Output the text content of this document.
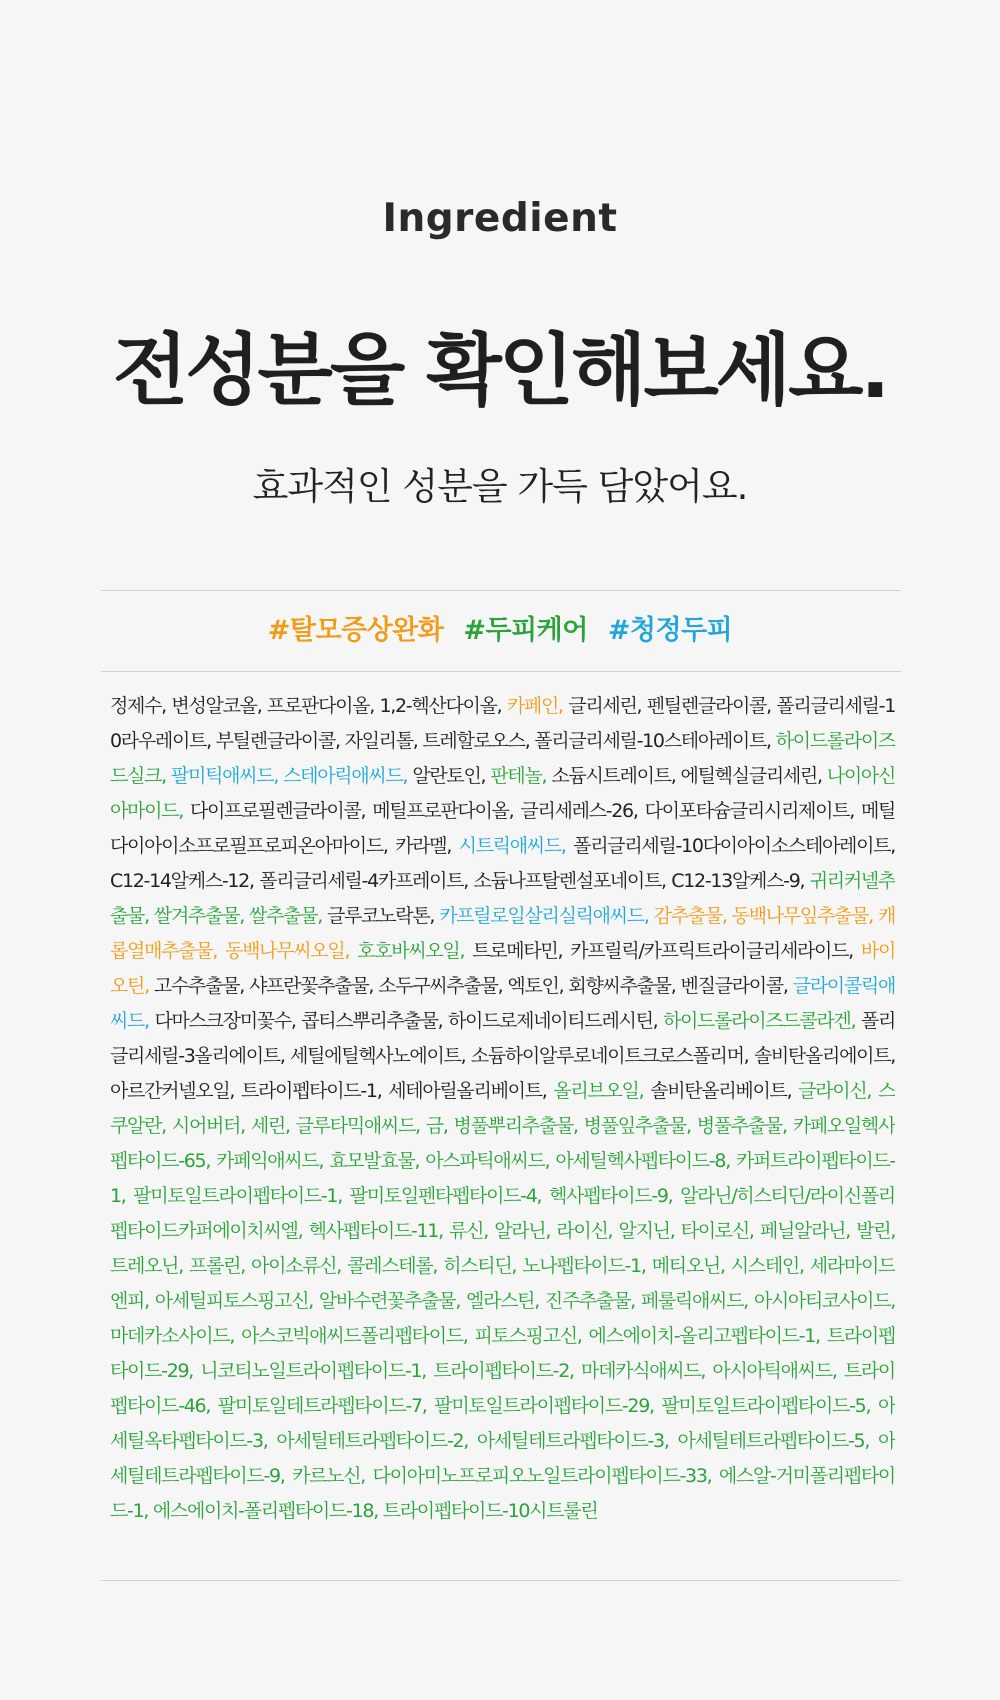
Ingredient
전성분을 확인해보세요.
효과적인 성분을 가득 담았어요.
#탈모증상완화 #두피케어 #청정두피
정제수, 변성알코올, 프로판다이올, 1,2-헥산다이올, 카페인, 글리세린, 펜틸렌글라이콜, 폴리글리세릴-10라우레이트, 부틸렌글라이콜, 자일리톨, 트레할로오스, 폴리글리세릴-10스테아레이트, 하이드롤라이즈드실크, 팔미틱애씨드, 스테아릭애씨드, 알란토인, 판테놀, 소듐시트레이트, 에틸헥실글리세린, 나이아신아마이드, 다이프로필렌글라이콜, 메틸프로판다이올, 글리세레스-26, 다이포타슘글리시리제이트, 메틸다이아이소프로필프로피온아마이드, 카라멜, 시트릭애씨드, 폴리글리세릴-10다이아이소스테아레이트, C12-14알케스-12, 폴리글리세릴-4카프레이트, 소듐나프탈렌설포네이트, C12-13알케스-9, 귀리커넬추출물, 쌀겨추출물, 쌀추출물, 글루코노락톤, 카프릴로일살리실릭애씨드, 감추출물, 동백나무잎추출물, 캐롭열매추출물, 동백나무씨오일, 호호바씨오일, 트로메타민, 카프릴릭/카프릭트라이글리세라이드, 바이오틴, 고수추출물, 샤프란꽃추출물, 소두구씨추출물, 엑토인, 회향씨추출물, 벤질글라이콜, 글라이콜릭애씨드, 다마스크장미꽃수, 콥티스뿌리추출물, 하이드로제네이티드레시틴, 하이드롤라이즈드콜라겐, 폴리글리세릴-3올리에이트, 세틸에틸헥사노에이트, 소듐하이알루로네이트크로스폴리머, 솔비탄올리에이트, 아르간커넬오일, 트라이펩타이드-1, 세테아릴올리베이트, 올리브오일, 솔비탄올리베이트, 글라이신, 스쿠알란, 시어버터, 세린, 글루타믹애씨드, 금, 병풀뿌리추출물, 병풀잎추출물, 병풀추출물, 카페오일헥사펩타이드-65, 카페익애씨드, 효모발효물, 아스파틱애씨드, 아세틸헥사펩타이드-8, 카퍼트라이펩타이드-1, 팔미토일트라이펩타이드-1, 팔미토일펜타펩타이드-4, 헥사펩타이드-9, 알라닌/히스티딘/라이신폴리펩타이드카퍼에이치씨엘, 헥사펩타이드-11, 류신, 알라닌, 라이신, 알지닌, 타이로신, 페닐알라닌, 발린, 트레오닌, 프롤린, 아이소류신, 콜레스테롤, 히스티딘, 노나펩타이드-1, 메티오닌, 시스테인, 세라마이드엔피, 아세틸피토스핑고신, 알바수련꽃추출물, 엘라스틴, 진주추출물, 페룰릭애씨드, 아시아티코사이드, 마데카소사이드, 아스코빅애씨드폴리펩타이드, 피토스핑고신, 에스에이치-올리고펩타이드-1, 트라이펩타이드-29, 니코티노일트라이펩타이드-1, 트라이펩타이드-2, 마데카식애씨드, 아시아틱애씨드, 트라이펩타이드-46, 팔미토일테트라펩타이드-7, 팔미토일트라이펩타이드-29, 팔미토일트라이펩타이드-5, 아세틸옥타펩타이드-3, 아세틸테트라펩타이드-2, 아세틸테트라펩타이드-3, 아세틸테트라펩타이드-5, 아세틸테트라펩타이드-9, 카르노신, 다이아미노프로피오노일트라이펩타이드-33, 에스알-거미폴리펩타이드-1, 에스에이치-폴리펩타이드-18, 트라이펩타이드-10시트룰린
